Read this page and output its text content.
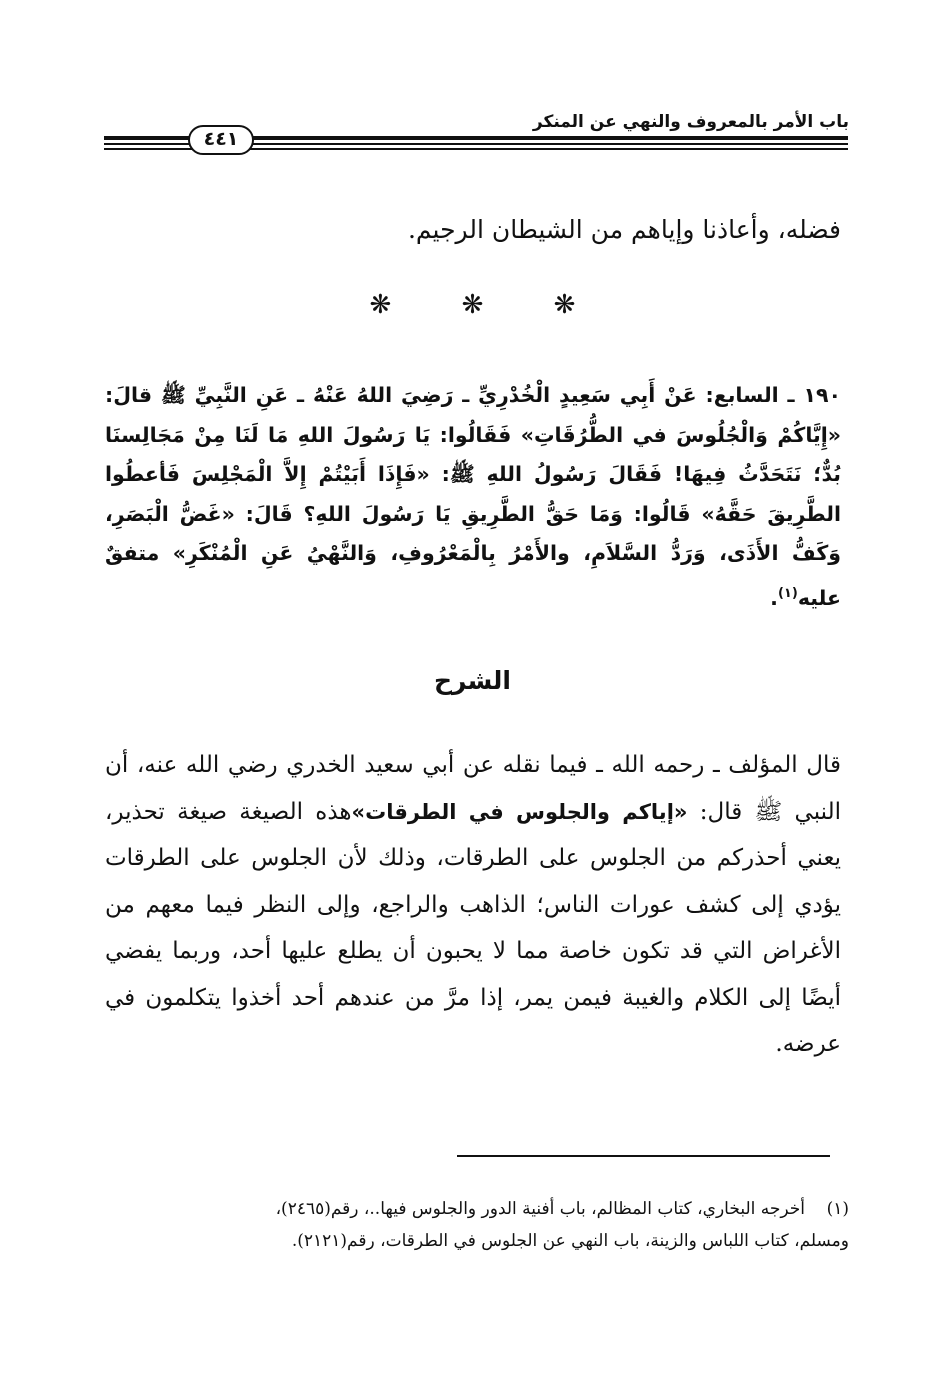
باب الأمر بالمعروف والنهي عن المنكر
٤٤١

فضله، وأعاذنا وإياهم من الشيطان الرجيم.

❋ ❋ ❋

١٩٠ ـ السابع: عَنْ أَبِي سَعِيدٍ الْخُدْرِيِّ ـ رَضِيَ اللهُ عَنْهُ ـ عَنِ النَّبِيِّ ﷺ قالَ: «إِيَّاكُمْ وَالْجُلُوسَ في الطُّرُقَاتِ» فَقَالُوا: يَا رَسُولَ اللهِ مَا لَنَا مِنْ مَجَالِسنَا بُدٌّ؛ نَتَحَدَّثُ فِيهَا! فَقَالَ رَسُولُ اللهِ ﷺ: «فَإِذَا أَبَيْتُمْ إِلاَّ الْمَجْلِسَ فَأعطُوا الطَّرِيقَ حَقَّهُ» قَالُوا: وَمَا حَقُّ الطَّرِيقِ يَا رَسُولَ اللهِ؟ قَالَ: «غَضُّ الْبَصَرِ، وَكَفُّ الأَذَى، وَرَدُّ السَّلاَمِ، والأَمْرُ بِالْمَعْرُوفِ، وَالنَّهْيُ عَنِ الْمُنْكَرِ» متفقٌ عليه$^{(١)}$.

الشرح

قال المؤلف ـ رحمه الله ـ فيما نقله عن أبي سعيد الخدري رضي الله عنه، أن النبي ﷺ قال: «إياكم والجلوس في الطرقات»هذه الصيغة صيغة تحذير، يعني أحذركم من الجلوس على الطرقات، وذلك لأن الجلوس على الطرقات يؤدي إلى كشف عورات الناس؛ الذاهب والراجع، وإلى النظر فيما معهم من الأغراض التي قد تكون خاصة مما لا يحبون أن يطلع عليها أحد، وربما يفضي أيضًا إلى الكلام والغيبة فيمن يمر، إذا مرَّ من عندهم أحد أخذوا يتكلمون في عرضه.

(١)أخرجه البخاري، كتاب المظالم، باب أفنية الدور والجلوس فيها..، رقم(٢٤٦٥)،
ومسلم، كتاب اللباس والزينة، باب النهي عن الجلوس في الطرقات، رقم(٢١٢١).
